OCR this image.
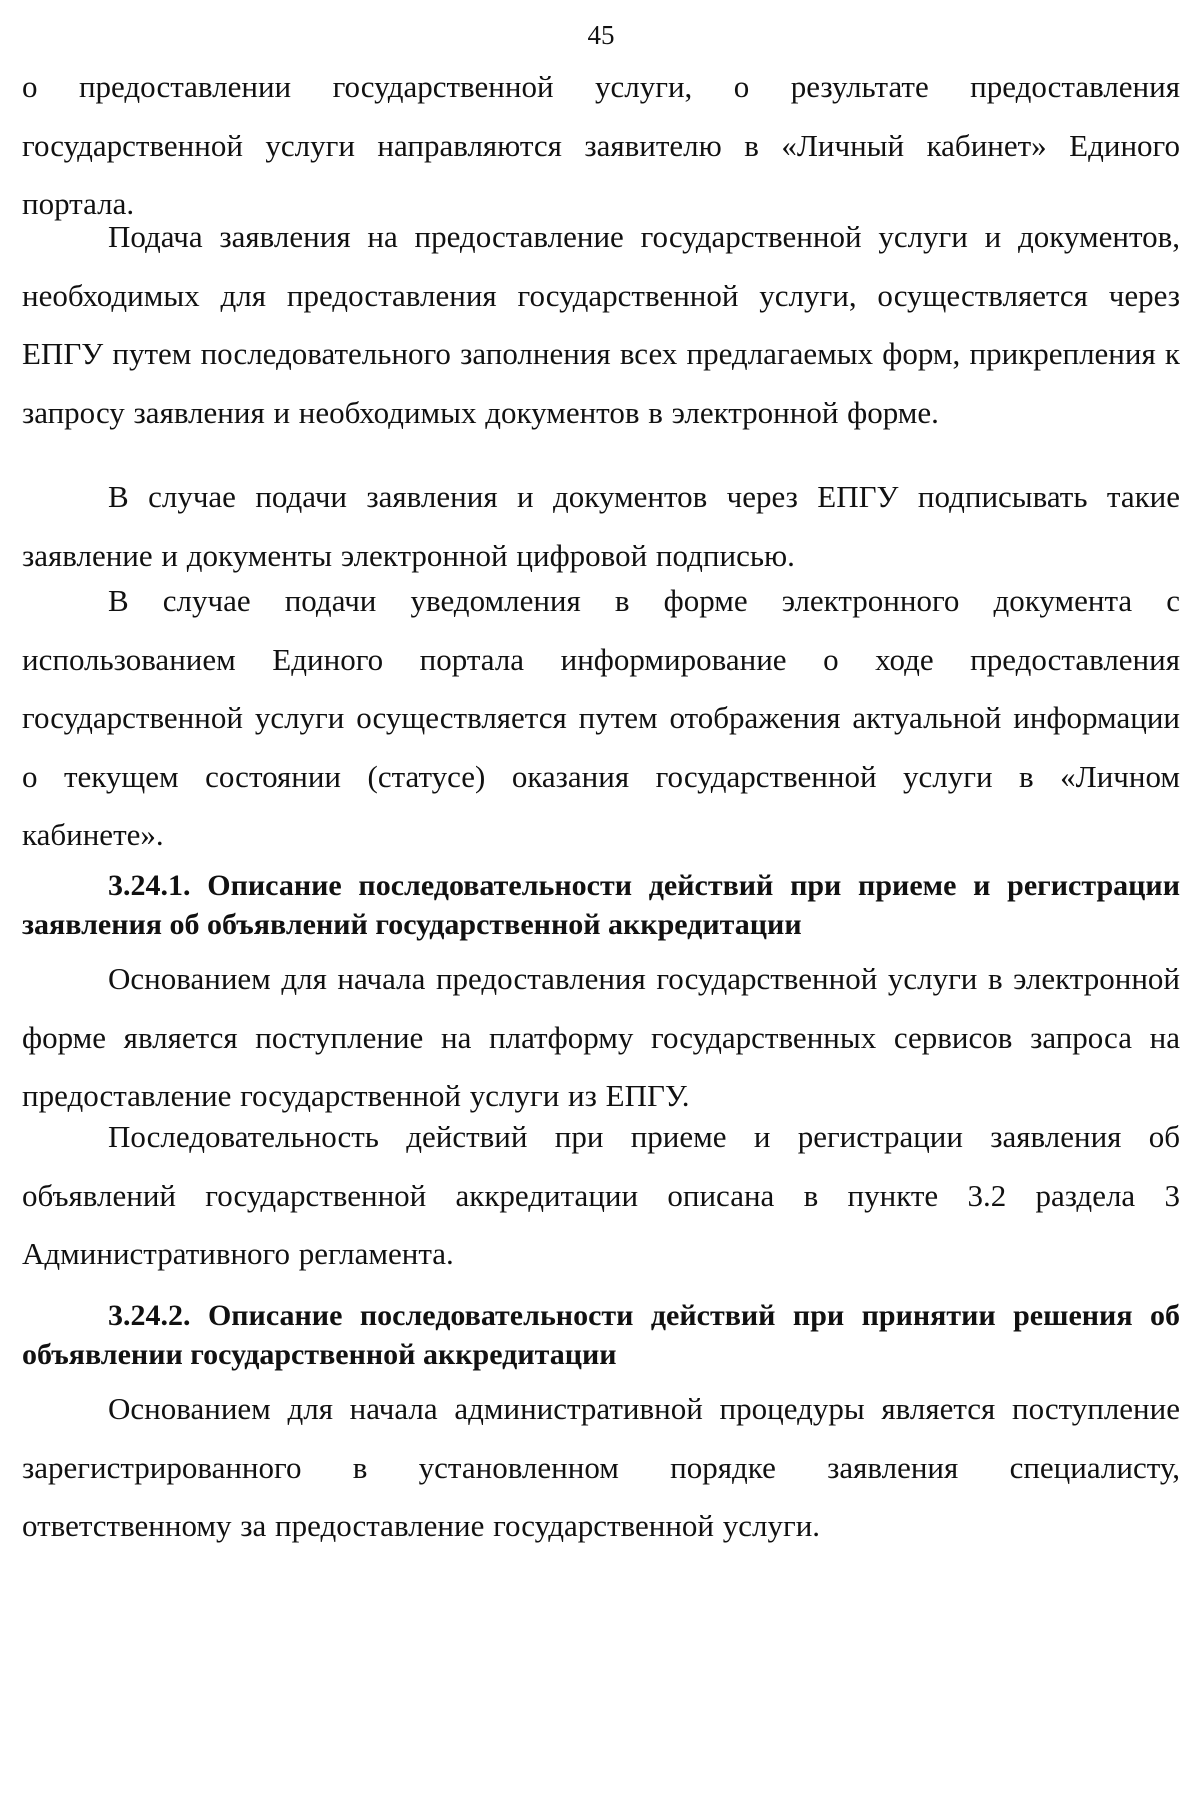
45

о предоставлении государственной услуги, о результате предоставления государственной услуги направляются заявителю в «Личный кабинет» Единого портала.

Подача заявления на предоставление государственной услуги и документов, необходимых для предоставления государственной услуги, осуществляется через ЕПГУ путем последовательного заполнения всех предлагаемых форм, прикрепления к запросу заявления и необходимых документов в электронной форме.

В случае подачи заявления и документов через ЕПГУ подписывать такие заявление и документы электронной цифровой подписью.

В случае подачи уведомления в форме электронного документа с использованием Единого портала информирование о ходе предоставления государственной услуги осуществляется путем отображения актуальной информации о текущем состоянии (статусе) оказания государственной услуги в «Личном кабинете».

3.24.1. Описание последовательности действий при приеме и регистрации заявления об объявлений государственной аккредитации

Основанием для начала предоставления государственной услуги в электронной форме является поступление на платформу государственных сервисов запроса на предоставление государственной услуги из ЕПГУ.

Последовательность действий при приеме и регистрации заявления об объявлений государственной аккредитации описана в пункте 3.2 раздела 3 Административного регламента.

3.24.2. Описание последовательности действий при принятии решения об объявлении государственной аккредитации

Основанием для начала административной процедуры является поступление зарегистрированного в установленном порядке заявления специалисту, ответственному за предоставление государственной услуги.
